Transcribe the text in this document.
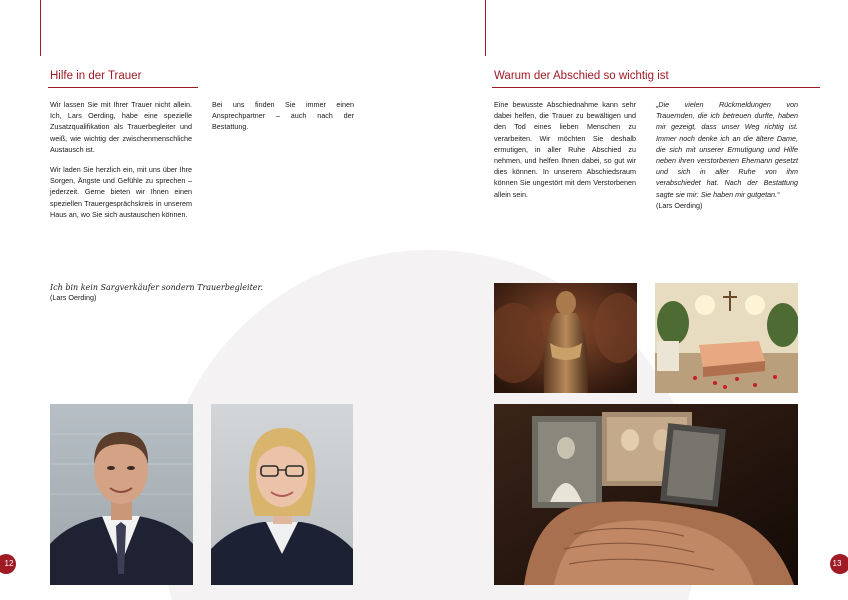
Hilfe in der Trauer

Wir lassen Sie mit Ihrer Trauer nicht allein. Ich, Lars Oerding, habe eine spezielle Zusatzqualifikation als Trauerbegleiter und weiß, wie wichtig der zwischenmenschliche Austausch ist.

Wir laden Sie herzlich ein, mit uns über Ihre Sorgen, Ängste und Gefühle zu sprechen – jederzeit. Gerne bieten wir Ihnen einen speziellen Trauergesprächskreis in unserem Haus an, wo Sie sich austauschen können.

Bei uns finden Sie immer einen Ansprechpartner – auch nach der Bestattung.

Ich bin kein Sargverkäufer sondern Trauerbegleiter.
(Lars Oerding)
12
Warum der Abschied so wichtig ist

Eine bewusste Abschiednahme kann sehr dabei helfen, die Trauer zu bewältigen und den Tod eines lieben Menschen zu verarbeiten. Wir möchten Sie deshalb ermutigen, in aller Ruhe Abschied zu nehmen, und helfen Ihnen dabei, so gut wir dies können. In unserem Abschiedsraum können Sie ungestört mit dem Verstorbenen allein sein.

„Die vielen Rückmeldungen von Trauernden, die ich betreuen durfte, haben mir gezeigt, dass unser Weg richtig ist. Immer noch denke ich an die ältere Dame, die sich mit unserer Ermutigung und Hilfe neben ihren verstorbenen Ehemann gesetzt und sich in aller Ruhe von ihm verabschiedet hat. Nach der Bestattung sagte sie mir: Sie haben mir gutgetan.“

(Lars Oerding)

13
